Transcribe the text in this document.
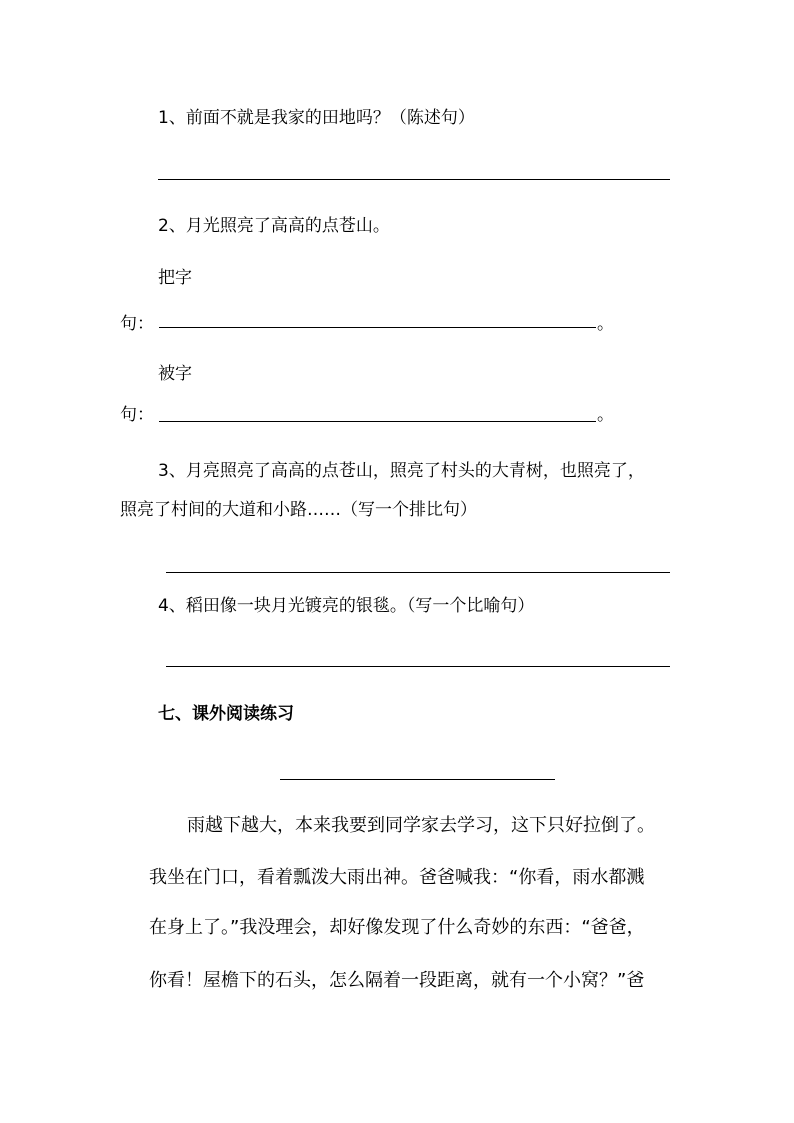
1、前面不就是我家的田地吗？（陈述句）
2、月光照亮了高高的点苍山。
把字
句：	。
被字
句：	。
3、月亮照亮了高高的点苍山，照亮了村头的大青树，也照亮了，
照亮了村间的大道和小路……（写一个排比句）
4、稻田像一块月光镀亮的银毯。（写一个比喻句）
七、课外阅读练习
雨越下越大，本来我要到同学家去学习，这下只好拉倒了。
我坐在门口，看着瓢泼大雨出神。爸爸喊我：“你看，雨水都溅
在身上了。”我没理会，却好像发现了什么奇妙的东西：“爸爸，
你看！屋檐下的石头，怎么隔着一段距离，就有一个小窝？”爸
